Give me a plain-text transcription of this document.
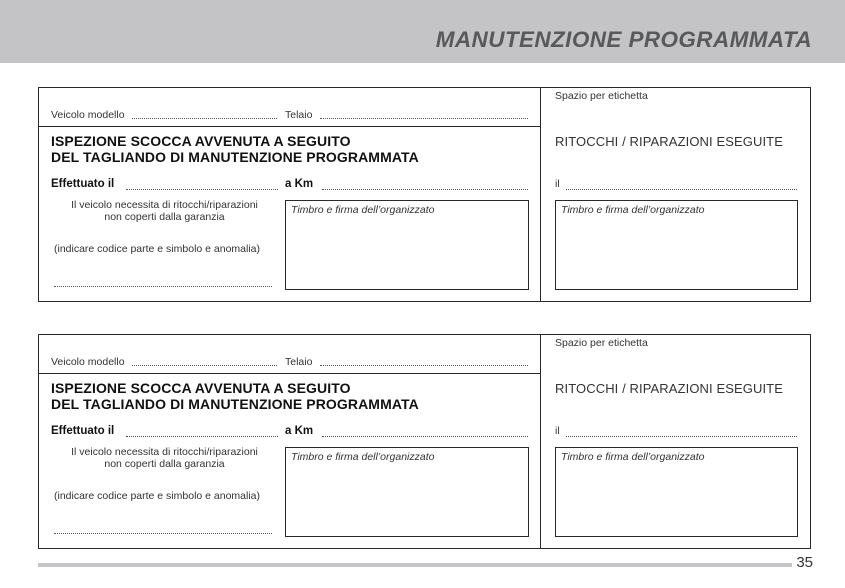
MANUTENZIONE PROGRAMMATA
Veicolo modello	Telaio
Spazio per etichetta
ISPEZIONE SCOCCA AVVENUTA A SEGUITO
DEL TAGLIANDO DI MANUTENZIONE PROGRAMMATA
Effettuato il	a Km
Il veicolo necessita di ritocchi/riparazioni
non coperti dalla garanzia
(indicare codice parte e simbolo e anomalia)
Timbro e firma dell’organizzato
RITOCCHI / RIPARAZIONI ESEGUITE
il
Timbro e firma dell’organizzato
Veicolo modello	Telaio
Spazio per etichetta
ISPEZIONE SCOCCA AVVENUTA A SEGUITO
DEL TAGLIANDO DI MANUTENZIONE PROGRAMMATA
Effettuato il	a Km
Il veicolo necessita di ritocchi/riparazioni
non coperti dalla garanzia
(indicare codice parte e simbolo e anomalia)
Timbro e firma dell’organizzato
RITOCCHI / RIPARAZIONI ESEGUITE
il
Timbro e firma dell’organizzato
35
